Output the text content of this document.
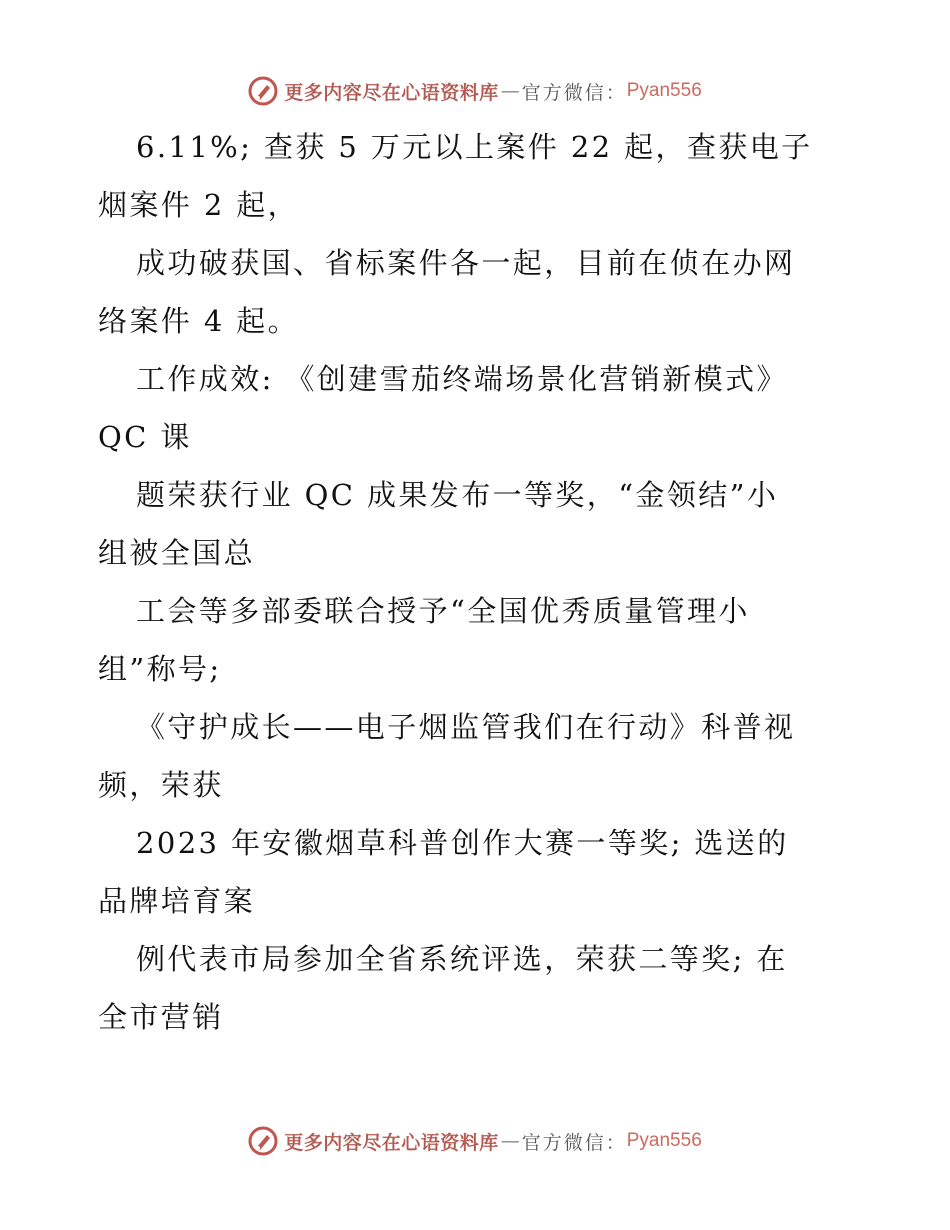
更多内容尽在心语资料库 — 官方微信： Pyan556
6.11%; 查获 5 万元以上案件 22 起，查获电子
烟案件 2 起，
成功破获国、省标案件各一起，目前在侦在办网
络案件 4 起。
工作成效: 《创建雪茄终端场景化营销新模式》
QC 课
题荣获行业 QC 成果发布一等奖，“金领结”小
组被全国总
工会等多部委联合授予“全国优秀质量管理小
组”称号;
《守护成长——电子烟监管我们在行动》科普视
频，荣获
2023 年安徽烟草科普创作大赛一等奖; 选送的
品牌培育案
例代表市局参加全省系统评选，荣获二等奖; 在
全市营销
更多内容尽在心语资料库 — 官方微信： Pyan556
